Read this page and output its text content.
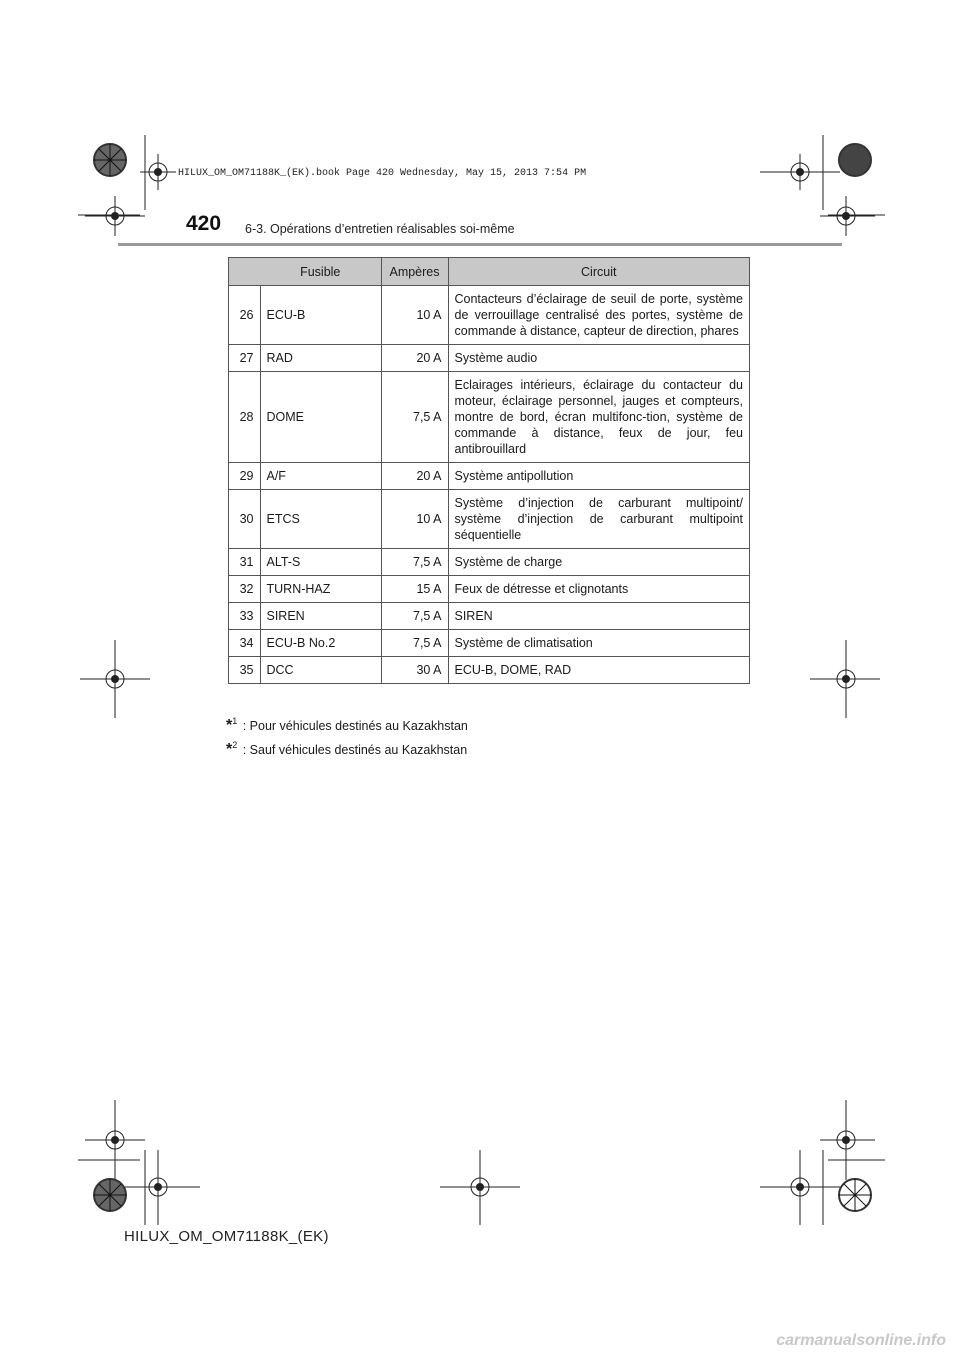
HILUX_OM_OM71188K_(EK).book Page 420 Wednesday, May 15, 2013 7:54 PM
420 6-3. Opérations d’entretien réalisables soi-même
	Fusible	Ampères	Circuit
26	ECU-B	10 A	Contacteurs d’éclairage de seuil de porte, système de verrouillage centralisé des portes, système de commande à distance, capteur de direction, phares
27	RAD	20 A	Système audio
28	DOME	7,5 A	Eclairages intérieurs, éclairage du contacteur du moteur, éclairage personnel, jauges et compteurs, montre de bord, écran multifonc-tion, système de commande à distance, feux de jour, feu antibrouillard
29	A/F	20 A	Système antipollution
30	ETCS	10 A	Système d’injection de carburant multipoint/ système d’injection de carburant multipoint séquentielle
31	ALT-S	7,5 A	Système de charge
32	TURN-HAZ	15 A	Feux de détresse et clignotants
33	SIREN	7,5 A	SIREN
34	ECU-B No.2	7,5 A	Système de climatisation
35	DCC	30 A	ECU-B, DOME, RAD
*$^1$ : Pour véhicules destinés au Kazakhstan
*$^2$ : Sauf véhicules destinés au Kazakhstan
HILUX_OM_OM71188K_(EK)
carmanualsonline.info
